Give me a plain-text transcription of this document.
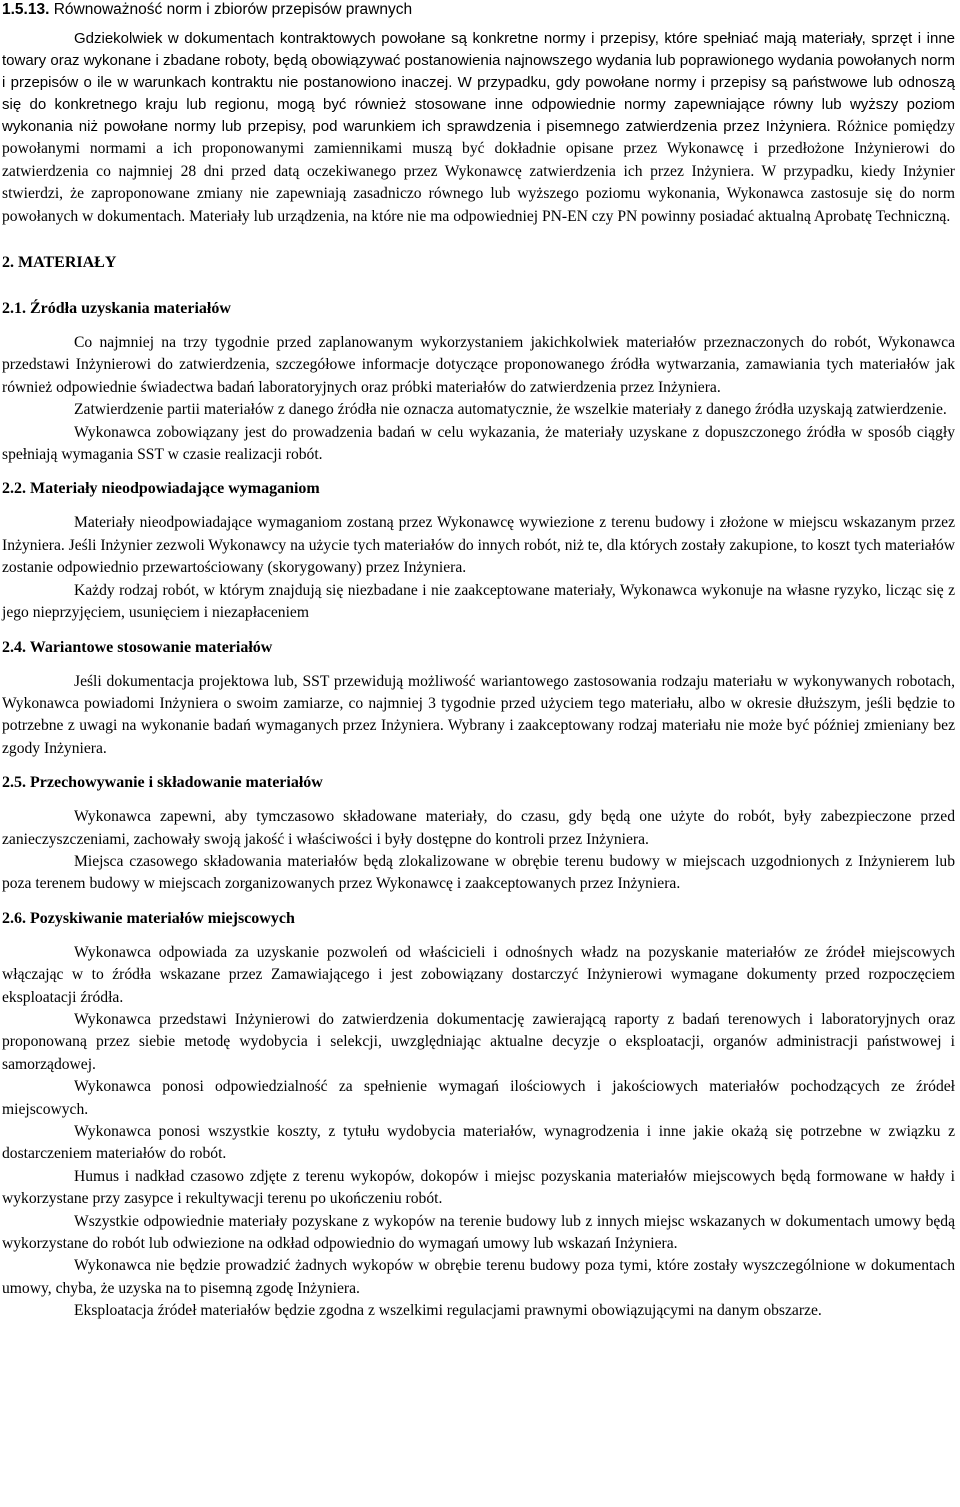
1.5.13. Równoważność norm i zbiorów przepisów prawnych

Gdziekolwiek w dokumentach kontraktowych powołane są konkretne normy i przepisy, które spełniać mają materiały, sprzęt i inne towary oraz wykonane i zbadane roboty, będą obowiązywać postanowienia najnowszego wydania lub poprawionego wydania powołanych norm i przepisów o ile w warunkach kontraktu nie postanowiono inaczej. W przypadku, gdy powołane normy i przepisy są państwowe lub odnoszą się do konkretnego kraju lub regionu, mogą być również stosowane inne odpowiednie normy zapewniające równy lub wyższy poziom wykonania niż powołane normy lub przepisy, pod warunkiem ich sprawdzenia i pisemnego zatwierdzenia przez Inżyniera. Różnice pomiędzy powołanymi normami a ich proponowanymi zamiennikami muszą być dokładnie opisane przez Wykonawcę i przedłożone Inżynierowi do zatwierdzenia co najmniej 28 dni przed datą oczekiwanego przez Wykonawcę zatwierdzenia ich przez Inżyniera. W przypadku, kiedy Inżynier stwierdzi, że zaproponowane zmiany nie zapewniają zasadniczo równego lub wyższego poziomu wykonania, Wykonawca zastosuje się do norm powołanych w dokumentach. Materiały lub urządzenia, na które nie ma odpowiedniej PN-EN czy PN powinny posiadać aktualną Aprobatę Techniczną.

2. MATERIAŁY
2.1. Źródła uzyskania materiałów

Co najmniej na trzy tygodnie przed zaplanowanym wykorzystaniem jakichkolwiek materiałów przeznaczonych do robót, Wykonawca przedstawi Inżynierowi do zatwierdzenia, szczegółowe informacje dotyczące proponowanego źródła wytwarzania, zamawiania tych materiałów jak również odpowiednie świadectwa badań laboratoryjnych oraz próbki materiałów do zatwierdzenia przez Inżyniera.

Zatwierdzenie partii materiałów z danego źródła nie oznacza automatycznie, że wszelkie materiały z danego źródła uzyskają zatwierdzenie.

Wykonawca zobowiązany jest do prowadzenia badań w celu wykazania, że materiały uzyskane z dopuszczonego źródła w sposób ciągły spełniają wymagania SST w czasie realizacji robót.

2.2. Materiały nieodpowiadające wymaganiom

Materiały nieodpowiadające wymaganiom zostaną przez Wykonawcę wywiezione z terenu budowy i złożone w miejscu wskazanym przez Inżyniera. Jeśli Inżynier zezwoli Wykonawcy na użycie tych materiałów do innych robót, niż te, dla których zostały zakupione, to koszt tych materiałów zostanie odpowiednio przewartościowany (skorygowany) przez Inżyniera.

Każdy rodzaj robót, w którym znajdują się niezbadane i nie zaakceptowane materiały, Wykonawca wykonuje na własne ryzyko, licząc się z jego nieprzyjęciem, usunięciem i niezapłaceniem

2.4. Wariantowe stosowanie materiałów

Jeśli dokumentacja projektowa lub, SST przewidują możliwość wariantowego zastosowania rodzaju materiału w wykonywanych robotach, Wykonawca powiadomi Inżyniera o swoim zamiarze, co najmniej 3 tygodnie przed użyciem tego materiału, albo w okresie dłuższym, jeśli będzie to potrzebne z uwagi na wykonanie badań wymaganych przez Inżyniera. Wybrany i zaakceptowany rodzaj materiału nie może być później zmieniany bez zgody Inżyniera.

2.5. Przechowywanie i składowanie materiałów

Wykonawca zapewni, aby tymczasowo składowane materiały, do czasu, gdy będą one użyte do robót, były zabezpieczone przed zanieczyszczeniami, zachowały swoją jakość i właściwości i były dostępne do kontroli przez Inżyniera.

Miejsca czasowego składowania materiałów będą zlokalizowane w obrębie terenu budowy w miejscach uzgodnionych z Inżynierem lub poza terenem budowy w miejscach zorganizowanych przez Wykonawcę i zaakceptowanych przez Inżyniera.

2.6. Pozyskiwanie materiałów miejscowych

Wykonawca odpowiada za uzyskanie pozwoleń od właścicieli i odnośnych władz na pozyskanie materiałów ze źródeł miejscowych włączając w to źródła wskazane przez Zamawiającego i jest zobowiązany dostarczyć Inżynierowi wymagane dokumenty przed rozpoczęciem eksploatacji źródła.

Wykonawca przedstawi Inżynierowi do zatwierdzenia dokumentację zawierającą raporty z badań terenowych i laboratoryjnych oraz proponowaną przez siebie metodę wydobycia i selekcji, uwzględniając aktualne decyzje o eksploatacji, organów administracji państwowej i samorządowej.

Wykonawca ponosi odpowiedzialność za spełnienie wymagań ilościowych i jakościowych materiałów pochodzących ze źródeł miejscowych.

Wykonawca ponosi wszystkie koszty, z tytułu wydobycia materiałów, wynagrodzenia i inne jakie okażą się potrzebne w związku z dostarczeniem materiałów do robót.

Humus i nadkład czasowo zdjęte z terenu wykopów, dokopów i miejsc pozyskania materiałów miejscowych będą formowane w hałdy i wykorzystane przy zasypce i rekultywacji terenu po ukończeniu robót.

Wszystkie odpowiednie materiały pozyskane z wykopów na terenie budowy lub z innych miejsc wskazanych w dokumentach umowy będą wykorzystane do robót lub odwiezione na odkład odpowiednio do wymagań umowy lub wskazań Inżyniera.

Wykonawca nie będzie prowadzić żadnych wykopów w obrębie terenu budowy poza tymi, które zostały wyszczególnione w dokumentach umowy, chyba, że uzyska na to pisemną zgodę Inżyniera.

Eksploatacja źródeł materiałów będzie zgodna z wszelkimi regulacjami prawnymi obowiązującymi na danym obszarze.
